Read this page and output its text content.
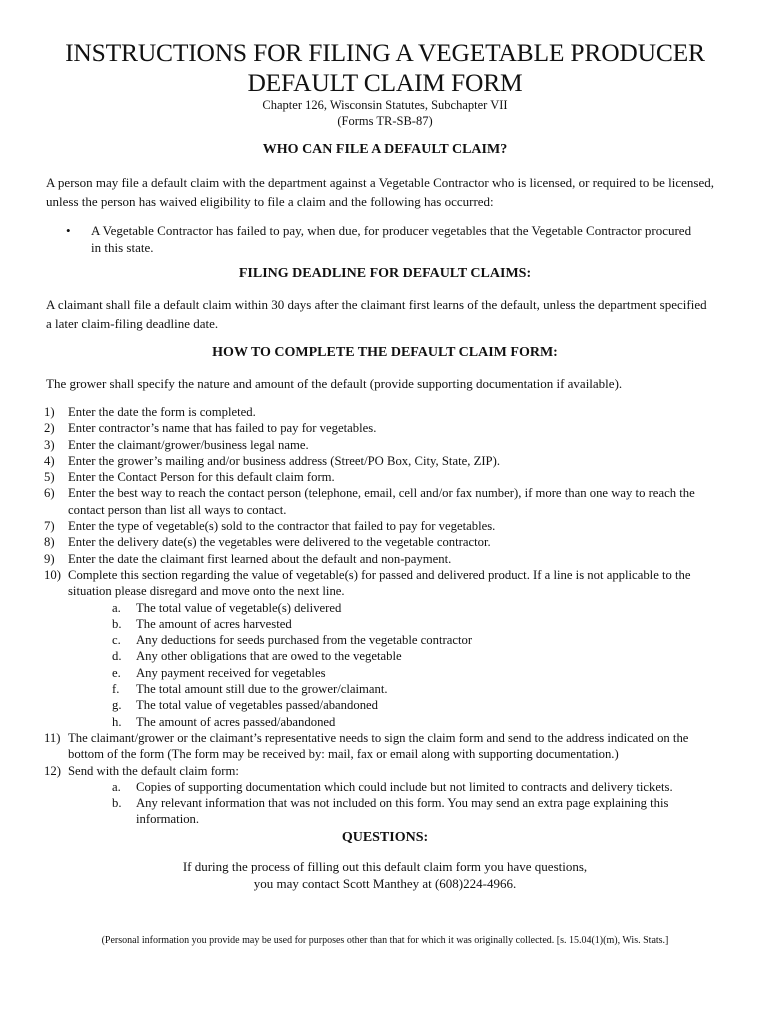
INSTRUCTIONS FOR FILING A VEGETABLE PRODUCER
DEFAULT CLAIM FORM
Chapter 126, Wisconsin Statutes, Subchapter VII
(Forms TR-SB-87)
WHO CAN FILE A DEFAULT CLAIM?
A person may file a default claim with the department against a Vegetable Contractor who is licensed, or required to be licensed, unless the person has waived eligibility to file a claim and the following has occurred:
• A Vegetable Contractor has failed to pay, when due, for producer vegetables that the Vegetable Contractor procured in this state.
FILING DEADLINE FOR DEFAULT CLAIMS:
A claimant shall file a default claim within 30 days after the claimant first learns of the default, unless the department specified a later claim-filing deadline date.
HOW TO COMPLETE THE DEFAULT CLAIM FORM:
The grower shall specify the nature and amount of the default (provide supporting documentation if available).
1) Enter the date the form is completed.
2) Enter contractor’s name that has failed to pay for vegetables.
3) Enter the claimant/grower/business legal name.
4) Enter the grower’s mailing and/or business address (Street/PO Box, City, State, ZIP).
5) Enter the Contact Person for this default claim form.
6) Enter the best way to reach the contact person (telephone, email, cell and/or fax number), if more than one way to reach the contact person than list all ways to contact.
7) Enter the type of vegetable(s) sold to the contractor that failed to pay for vegetables.
8) Enter the delivery date(s) the vegetables were delivered to the vegetable contractor.
9) Enter the date the claimant first learned about the default and non-payment.
10) Complete this section regarding the value of vegetable(s) for passed and delivered product. If a line is not applicable to the situation please disregard and move onto the next line.
a. The total value of vegetable(s) delivered
b. The amount of acres harvested
c. Any deductions for seeds purchased from the vegetable contractor
d. Any other obligations that are owed to the vegetable
e. Any payment received for vegetables
f. The total amount still due to the grower/claimant.
g. The total value of vegetables passed/abandoned
h. The amount of acres passed/abandoned
11) The claimant/grower or the claimant’s representative needs to sign the claim form and send to the address indicated on the bottom of the form (The form may be received by: mail, fax or email along with supporting documentation.)
12) Send with the default claim form:
a. Copies of supporting documentation which could include but not limited to contracts and delivery tickets.
b. Any relevant information that was not included on this form. You may send an extra page explaining this information.
QUESTIONS:
If during the process of filling out this default claim form you have questions,
you may contact Scott Manthey at (608)224-4966.
(Personal information you provide may be used for purposes other than that for which it was originally collected. [s. 15.04(1)(m), Wis. Stats.]
